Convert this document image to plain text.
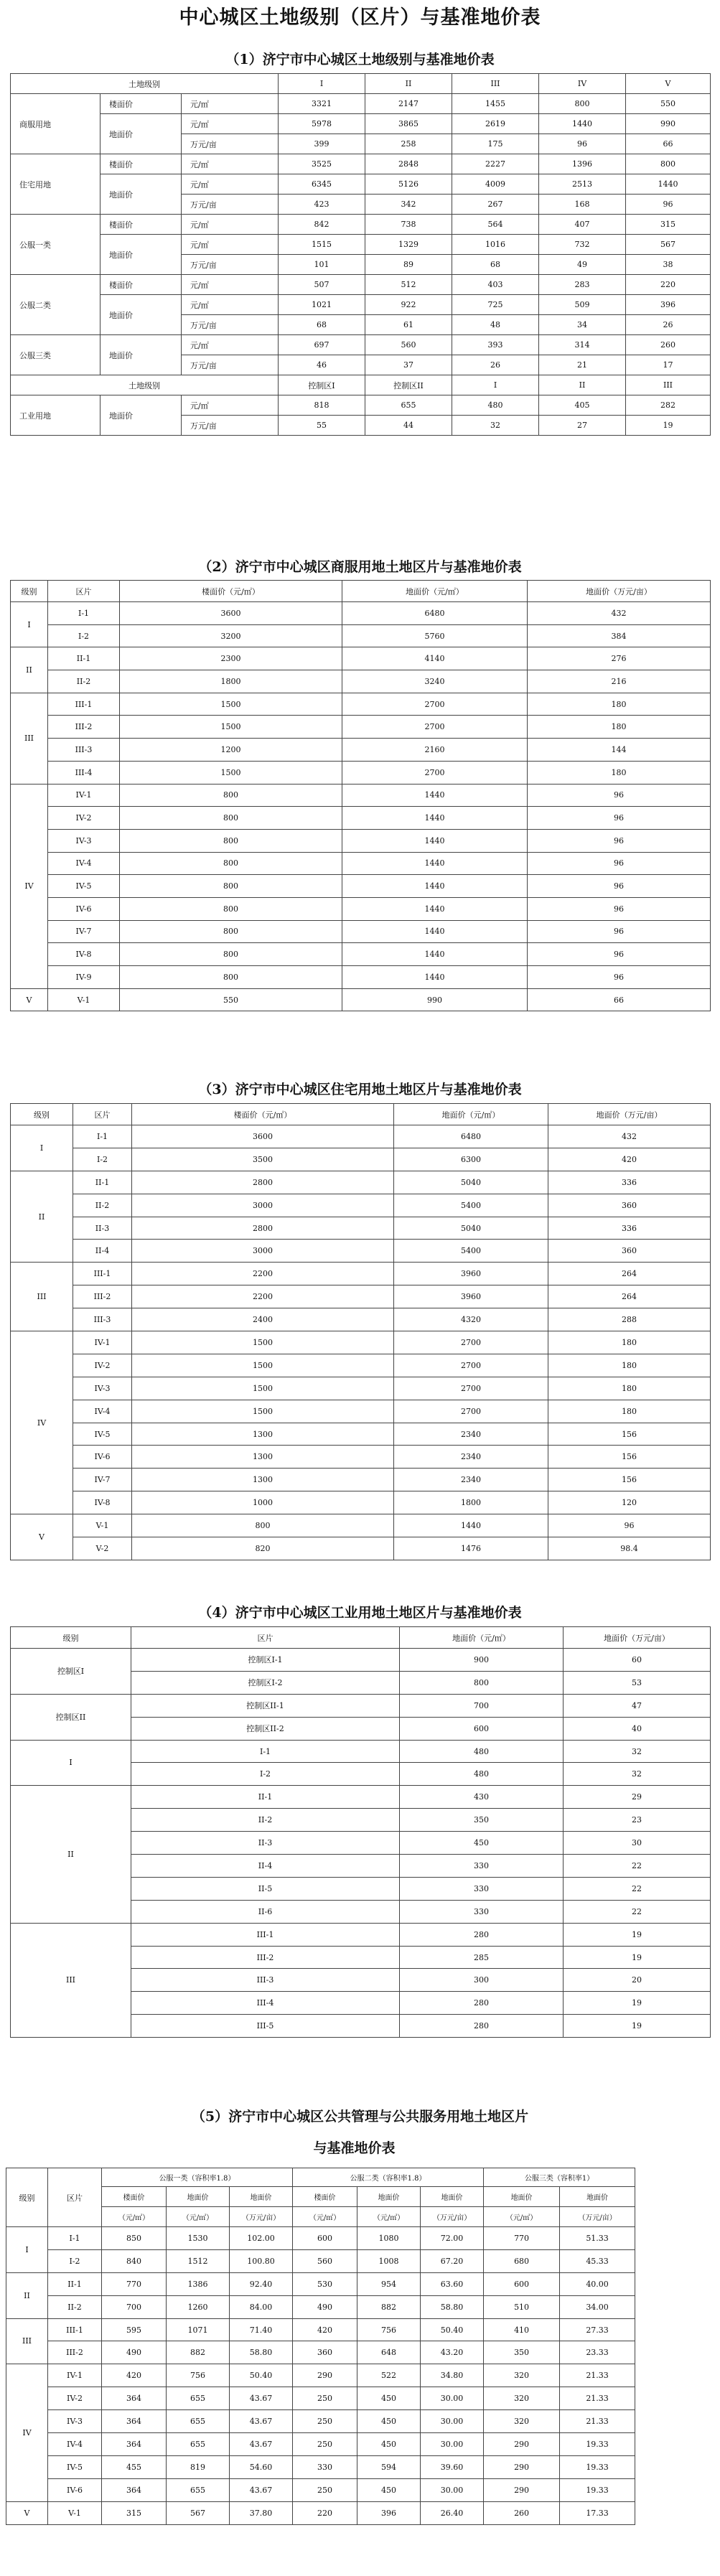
中心城区土地级别（区片）与基准地价表
（1）济宁市中心城区土地级别与基准地价表
土地级别			I	II	III	IV	V
商服用地	楼面价	元/㎡	3321	2147	1455	800	550
	地面价	元/㎡	5978	3865	2619	1440	990
		万元/亩	399	258	175	96	66
住宅用地	楼面价	元/㎡	3525	2848	2227	1396	800
	地面价	元/㎡	6345	5126	4009	2513	1440
		万元/亩	423	342	267	168	96
公服一类	楼面价	元/㎡	842	738	564	407	315
	地面价	元/㎡	1515	1329	1016	732	567
		万元/亩	101	89	68	49	38
公服二类	楼面价	元/㎡	507	512	403	283	220
	地面价	元/㎡	1021	922	725	509	396
		万元/亩	68	61	48	34	26
公服三类	地面价	元/㎡	697	560	393	314	260
		万元/亩	46	37	26	21	17
土地级别			控制区I	控制区II	I	II	III
工业用地	地面价	元/㎡	818	655	480	405	282
		万元/亩	55	44	32	27	19
（2）济宁市中心城区商服用地土地区片与基准地价表
级别	区片	楼面价（元/㎡）	地面价（元/㎡）	地面价（万元/亩）
I	I-1	3600	6480	432
	I-2	3200	5760	384
II	II-1	2300	4140	276
	II-2	1800	3240	216
III	III-1	1500	2700	180
	III-2	1500	2700	180
	III-3	1200	2160	144
	III-4	1500	2700	180
IV	IV-1	800	1440	96
	IV-2	800	1440	96
	IV-3	800	1440	96
	IV-4	800	1440	96
	IV-5	800	1440	96
	IV-6	800	1440	96
	IV-7	800	1440	96
	IV-8	800	1440	96
	IV-9	800	1440	96
V	V-1	550	990	66
（3）济宁市中心城区住宅用地土地区片与基准地价表
级别	区片	楼面价（元/㎡）	地面价（元/㎡）	地面价（万元/亩）
I	I-1	3600	6480	432
	I-2	3500	6300	420
II	II-1	2800	5040	336
	II-2	3000	5400	360
	II-3	2800	5040	336
	II-4	3000	5400	360
III	III-1	2200	3960	264
	III-2	2200	3960	264
	III-3	2400	4320	288
IV	IV-1	1500	2700	180
	IV-2	1500	2700	180
	IV-3	1500	2700	180
	IV-4	1500	2700	180
	IV-5	1300	2340	156
	IV-6	1300	2340	156
	IV-7	1300	2340	156
	IV-8	1000	1800	120
V	V-1	800	1440	96
	V-2	820	1476	98.4
（4）济宁市中心城区工业用地土地区片与基准地价表
级别	区片	地面价（元/㎡）	地面价（万元/亩）
控制区I	控制区I-1	900	60
	控制区I-2	800	53
控制区II	控制区II-1	700	47
	控制区II-2	600	40
I	I-1	480	32
	I-2	480	32
II	II-1	430	29
	II-2	350	23
	II-3	450	30
	II-4	330	22
	II-5	330	22
	II-6	330	22
III	III-1	280	19
	III-2	285	19
	III-3	300	20
	III-4	280	19
	III-5	280	19
（5）济宁市中心城区公共管理与公共服务用地土地区片
与基准地价表
级别	区片	公服一类（容积率1.8）			公服二类（容积率1.8）			公服三类（容积率1）	
		楼面价	地面价	地面价	楼面价	地面价	地面价	地面价	地面价
		（元/㎡）	（元/㎡）	（万元/亩）	（元/㎡）	（元/㎡）	（万元/亩）	（元/㎡）	（万元/亩）
I	I-1	850	1530	102.00	600	1080	72.00	770	51.33
	I-2	840	1512	100.80	560	1008	67.20	680	45.33
II	II-1	770	1386	92.40	530	954	63.60	600	40.00
	II-2	700	1260	84.00	490	882	58.80	510	34.00
III	III-1	595	1071	71.40	420	756	50.40	410	27.33
	III-2	490	882	58.80	360	648	43.20	350	23.33
IV	IV-1	420	756	50.40	290	522	34.80	320	21.33
	IV-2	364	655	43.67	250	450	30.00	320	21.33
	IV-3	364	655	43.67	250	450	30.00	320	21.33
	IV-4	364	655	43.67	250	450	30.00	290	19.33
	IV-5	455	819	54.60	330	594	39.60	290	19.33
	IV-6	364	655	43.67	250	450	30.00	290	19.33
V	V-1	315	567	37.80	220	396	26.40	260	17.33
